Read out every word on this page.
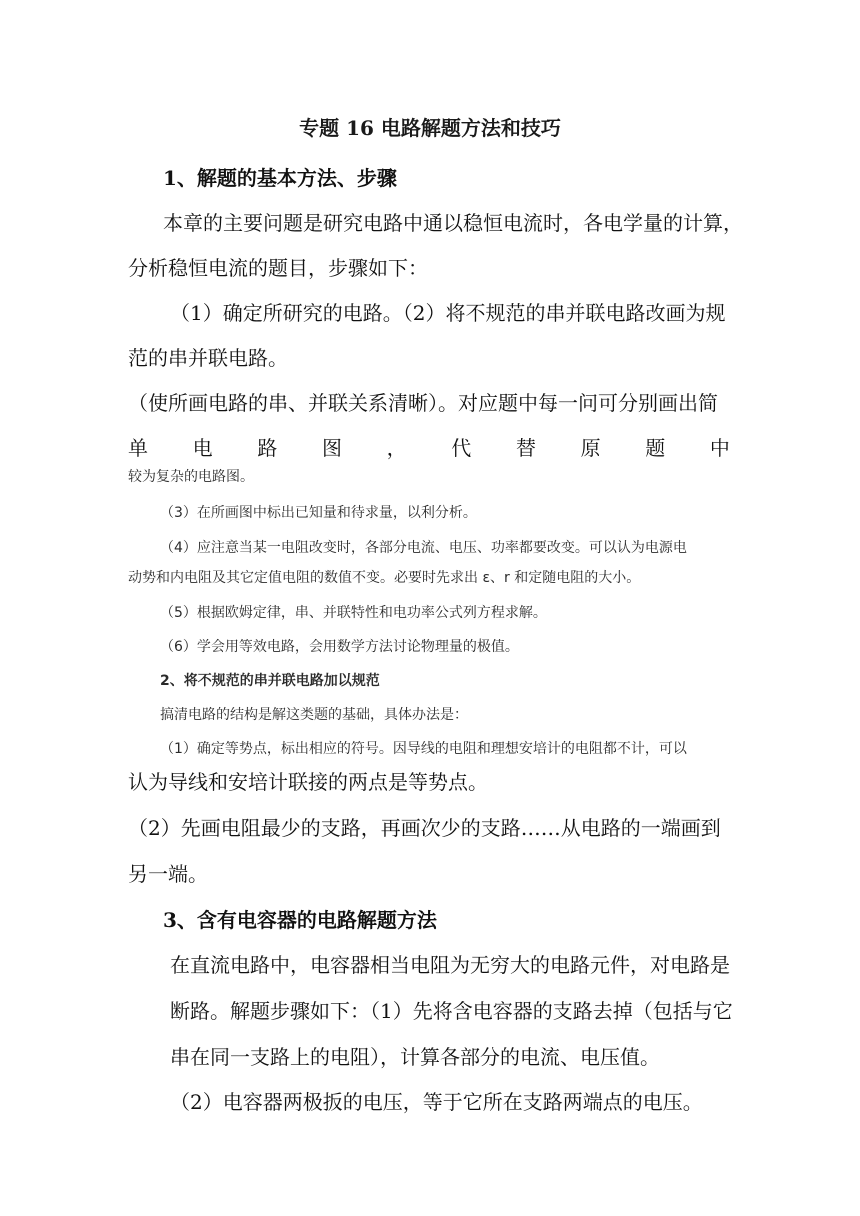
专题 16 电路解题方法和技巧
1、解题的基本方法、步骤
本章的主要问题是研究电路中通以稳恒电流时，各电学量的计算，
分析稳恒电流的题目，步骤如下：
（1）确定所研究的电路。（2）将不规范的串并联电路改画为规
范的串并联电路。
（使所画电路的串、并联关系清晰）。对应题中每一问可分别画出简
单 电 路 图 ， 代 替 原 题 中
较为复杂的电路图。
（3）在所画图中标出已知量和待求量，以利分析。
（4）应注意当某一电阻改变时，各部分电流、电压、功率都要改变。可以认为电源电
动势和内电阻及其它定值电阻的数值不变。必要时先求出 ε、r 和定随电阻的大小。
（5）根据欧姆定律，串、并联特性和电功率公式列方程求解。
（6）学会用等效电路，会用数学方法讨论物理量的极值。
2、将不规范的串并联电路加以规范
搞清电路的结构是解这类题的基础，具体办法是：
（1）确定等势点，标出相应的符号。因导线的电阻和理想安培计的电阻都不计，可以
认为导线和安培计联接的两点是等势点。
（2）先画电阻最少的支路，再画次少的支路……从电路的一端画到
另一端。
3、含有电容器的电路解题方法
在直流电路中，电容器相当电阻为无穷大的电路元件，对电路是
断路。解题步骤如下：（1）先将含电容器的支路去掉（包括与它
串在同一支路上的电阻），计算各部分的电流、电压值。
（2）电容器两极扳的电压，等于它所在支路两端点的电压。
